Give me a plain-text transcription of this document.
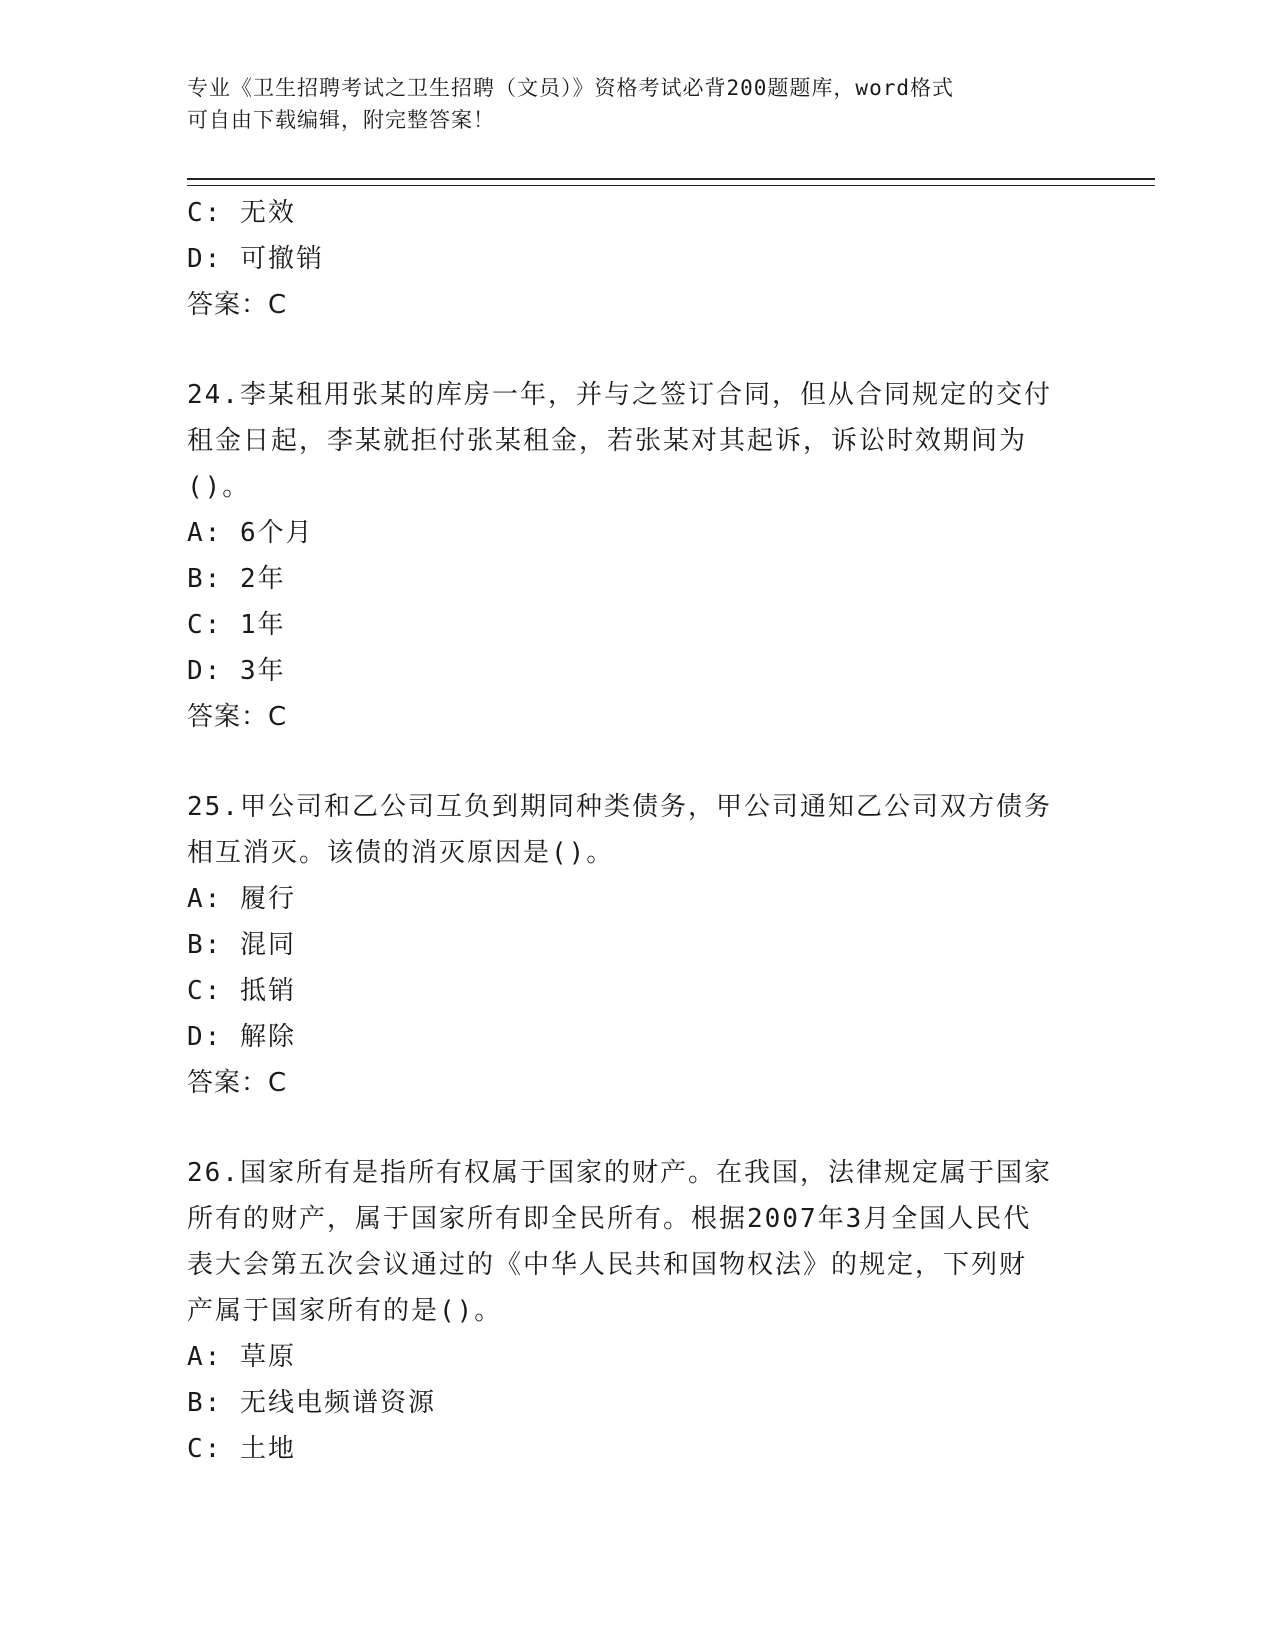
专业《卫生招聘考试之卫生招聘（文员）》资格考试必背200题题库，word格式
可自由下载编辑，附完整答案！
C: 无效
D: 可撤销
答案：C
24.李某租用张某的库房一年，并与之签订合同，但从合同规定的交付
租金日起，李某就拒付张某租金，若张某对其起诉，诉讼时效期间为
()。
A: 6个月
B: 2年
C: 1年
D: 3年
答案：C
25.甲公司和乙公司互负到期同种类债务，甲公司通知乙公司双方债务
相互消灭。该债的消灭原因是()。
A: 履行
B: 混同
C: 抵销
D: 解除
答案：C
26.国家所有是指所有权属于国家的财产。在我国，法律规定属于国家
所有的财产，属于国家所有即全民所有。根据2007年3月全国人民代
表大会第五次会议通过的《中华人民共和国物权法》的规定，下列财
产属于国家所有的是()。
A: 草原
B: 无线电频谱资源
C: 土地
